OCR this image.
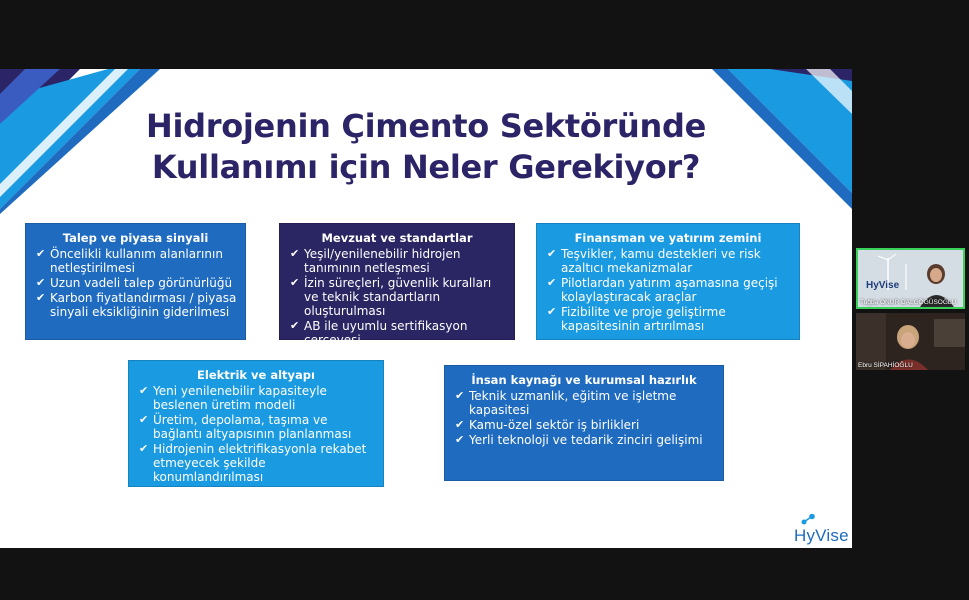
Hidrojenin Çimento Sektöründe
Kullanımı için Neler Gerekiyor?
Talep ve piyasa sinyali
✔ Öncelikli kullanım alanlarının netleştirilmesi
✔ Uzun vadeli talep görünürlüğü
✔ Karbon fiyatlandırması / piyasa sinyali eksikliğinin giderilmesi
Mevzuat ve standartlar
✔ Yeşil/yenilenebilir hidrojen tanımının netleşmesi
✔ İzin süreçleri, güvenlik kuralları ve teknik standartların oluşturulması
✔ AB ile uyumlu sertifikasyon çerçevesi
Finansman ve yatırım zemini
✔ Teşvikler, kamu destekleri ve risk azaltıcı mekanizmalar
✔ Pilotlardan yatırım aşamasına geçişi kolaylaştıracak araçlar
✔ Fizibilite ve proje geliştirme kapasitesinin artırılması
Elektrik ve altyapı
✔ Yeni yenilenebilir kapasiteyle beslenen üretim modeli
✔ Üretim, depolama, taşıma ve bağlantı altyapısının planlanması
✔ Hidrojenin elektrifikasyonla rekabet etmeyecek şekilde konumlandırılması
İnsan kaynağı ve kurumsal hazırlık
✔ Teknik uzmanlık, eğitim ve işletme kapasitesi
✔ Kamu-özel sektör iş birlikleri
✔ Yerli teknoloji ve tedarik zinciri gelişimi
HyVise
HyVise
Tuğba ONUR DALGÖGÜSOĞLU
Ebru SİPAHİOĞLU
